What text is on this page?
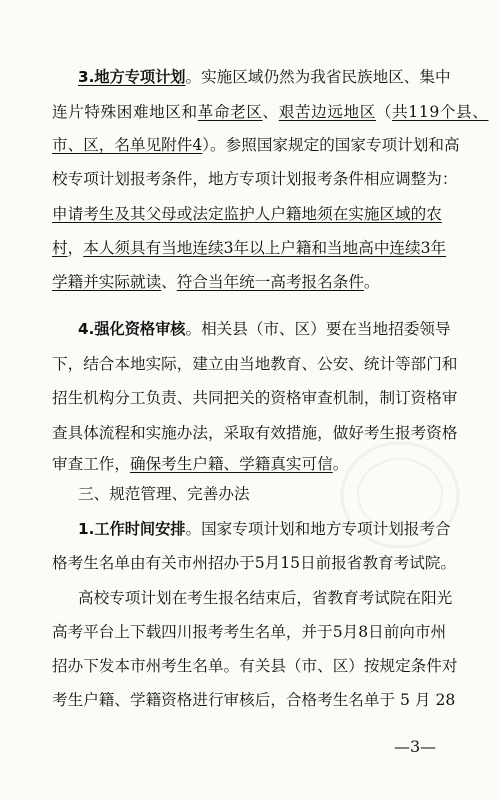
3.地方专项计划。实施区域仍然为我省民族地区、集中
连片特殊困难地区和革命老区、艰苦边远地区（共119个县、
市、区，名单见附件4）。参照国家规定的国家专项计划和高
校专项计划报考条件，地方专项计划报考条件相应调整为：
申请考生及其父母或法定监护人户籍地须在实施区域的农
村，本人须具有当地连续3年以上户籍和当地高中连续3年
学籍并实际就读、符合当年统一高考报名条件。
4.强化资格审核。相关县（市、区）要在当地招委领导
下，结合本地实际，建立由当地教育、公安、统计等部门和
招生机构分工负责、共同把关的资格审查机制，制订资格审
查具体流程和实施办法，采取有效措施，做好考生报考资格
审查工作，确保考生户籍、学籍真实可信。
三、规范管理、完善办法
1.工作时间安排。国家专项计划和地方专项计划报考合
格考生名单由有关市州招办于5月15日前报省教育考试院。
高校专项计划在考生报名结束后，省教育考试院在阳光
高考平台上下载四川报考考生名单，并于5月8日前向市州
招办下发本市州考生名单。有关县（市、区）按规定条件对
考生户籍、学籍资格进行审核后，合格考生名单于 5 月 28
—3—
